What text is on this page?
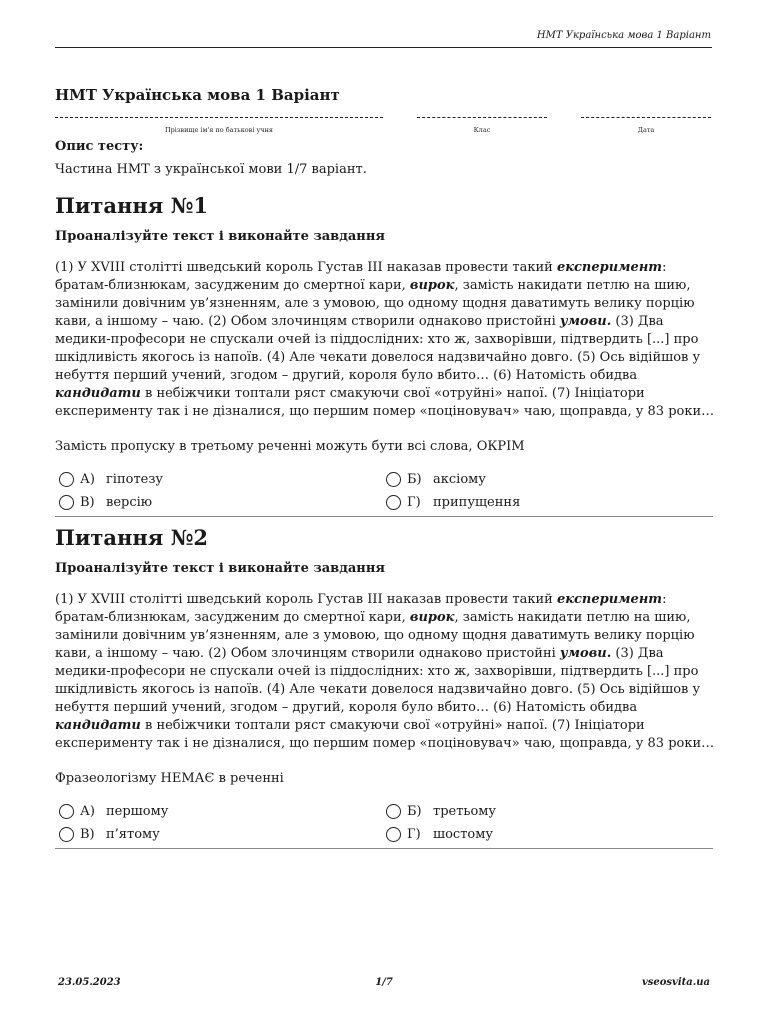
НМТ Українська мова 1 Варіант
НМТ Українська мова 1 Варіант
Прізвище ім'я по батькові учня	Клас	Дата
Опис тесту:
Частина НМТ з української мови 1/7 варіант.
Питання №1
Проаналізуйте текст і виконайте завдання
(1) У XVIII столітті шведський король Густав III наказав провести такий експеримент: братам-близнюкам, засудженим до смертної кари, вирок, замість накидати петлю на шию, замінили довічним ув’язненням, але з умовою, що одному щодня даватимуть велику порцію кави, а іншому – чаю. (2) Обом злочинцям створили однаково пристойні умови. (3) Два медики-професори не спускали очей із піддослідних: хто ж, захворівши, підтвердить [...] про шкідливість якогось із напоїв. (4) Але чекати довелося надзвичайно довго. (5) Ось відійшов у небуття перший учений, згодом – другий, короля було вбито… (6) Натомість обидва кандидати в небіжчики топтали ряст смакуючи свої «отруйні» напої. (7) Ініціатори експерименту так і не дізналися, що першим помер «поціновувач» чаю, щоправда, у 83 роки…
Замість пропуску в третьому реченні можуть бути всі слова, ОКРІМ
А) гіпотезу	Б) аксіому
В) версію	Г) припущення
Питання №2
Проаналізуйте текст і виконайте завдання
(1) У XVIII столітті шведський король Густав III наказав провести такий експеримент: братам-близнюкам, засудженим до смертної кари, вирок, замість накидати петлю на шию, замінили довічним ув’язненням, але з умовою, що одному щодня даватимуть велику порцію кави, а іншому – чаю. (2) Обом злочинцям створили однаково пристойні умови. (3) Два медики-професори не спускали очей із піддослідних: хто ж, захворівши, підтвердить [...] про шкідливість якогось із напоїв. (4) Але чекати довелося надзвичайно довго. (5) Ось відійшов у небуття перший учений, згодом – другий, короля було вбито… (6) Натомість обидва кандидати в небіжчики топтали ряст смакуючи свої «отруйні» напої. (7) Ініціатори експерименту так і не дізналися, що першим помер «поціновувач» чаю, щоправда, у 83 роки…
Фразеологізму НЕМАЄ в реченні
А) першому	Б) третьому
В) п’ятому	Г) шостому
23.05.2023	1/7	vseosvita.ua
